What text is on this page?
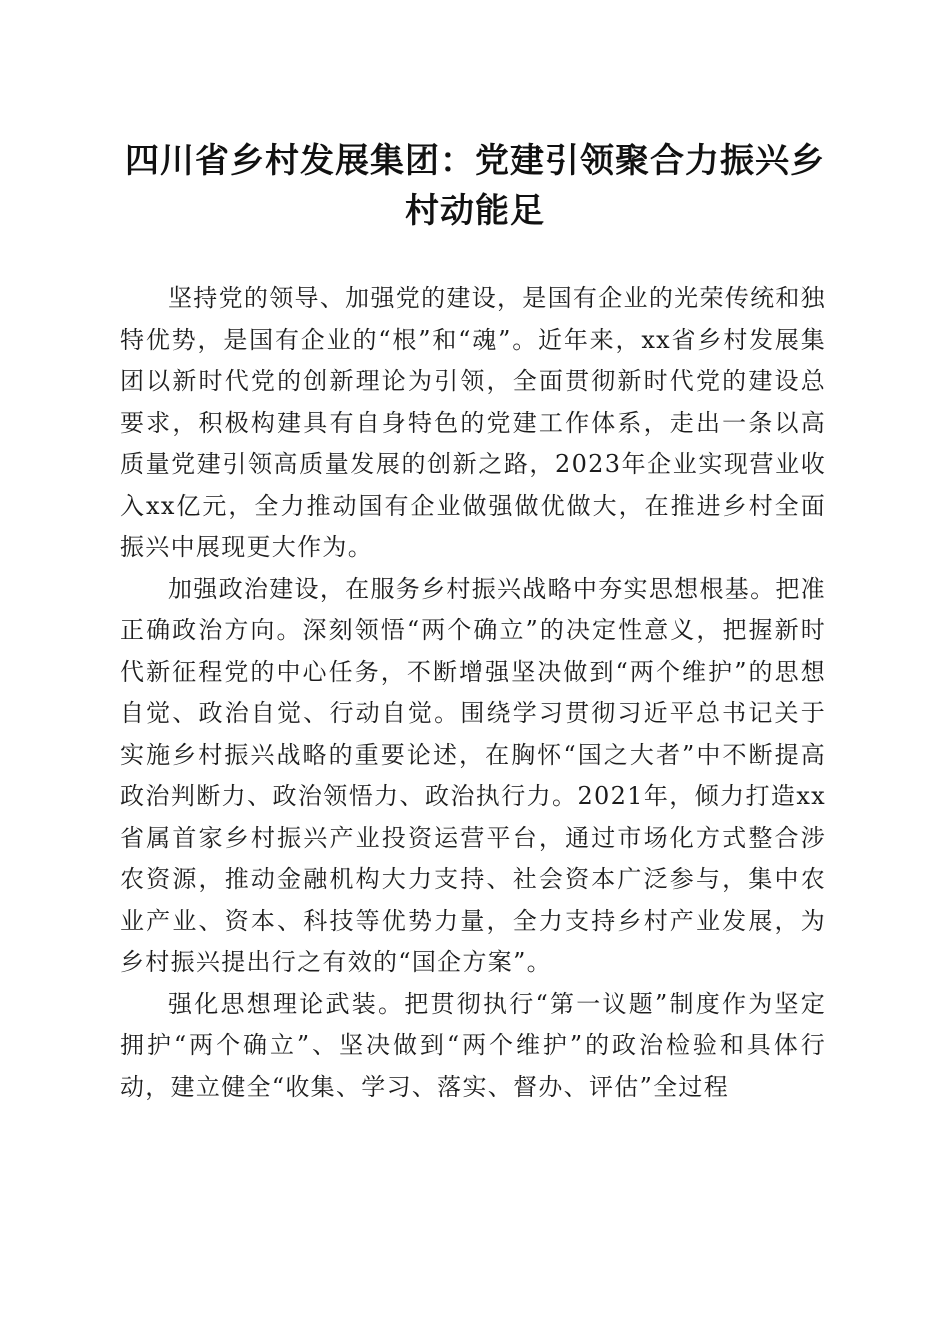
四川省乡村发展集团：党建引领聚合力振兴乡村动能足

坚持党的领导、加强党的建设，是国有企业的光荣传统和独特优势，是国有企业的“根”和“魂”。近年来，xx省乡村发展集团以新时代党的创新理论为引领，全面贯彻新时代党的建设总要求，积极构建具有自身特色的党建工作体系，走出一条以高质量党建引领高质量发展的创新之路，2023年企业实现营业收入xx亿元，全力推动国有企业做强做优做大，在推进乡村全面振兴中展现更大作为。

加强政治建设，在服务乡村振兴战略中夯实思想根基。把准正确政治方向。深刻领悟“两个确立”的决定性意义，把握新时代新征程党的中心任务，不断增强坚决做到“两个维护”的思想自觉、政治自觉、行动自觉。围绕学习贯彻习近平总书记关于实施乡村振兴战略的重要论述，在胸怀“国之大者”中不断提高政治判断力、政治领悟力、政治执行力。2021年，倾力打造xx省属首家乡村振兴产业投资运营平台，通过市场化方式整合涉农资源，推动金融机构大力支持、社会资本广泛参与，集中农业产业、资本、科技等优势力量，全力支持乡村产业发展，为乡村振兴提出行之有效的“国企方案”。

强化思想理论武装。把贯彻执行“第一议题”制度作为坚定拥护“两个确立”、坚决做到“两个维护”的政治检验和具体行动，建立健全“收集、学习、落实、督办、评估”全过程
